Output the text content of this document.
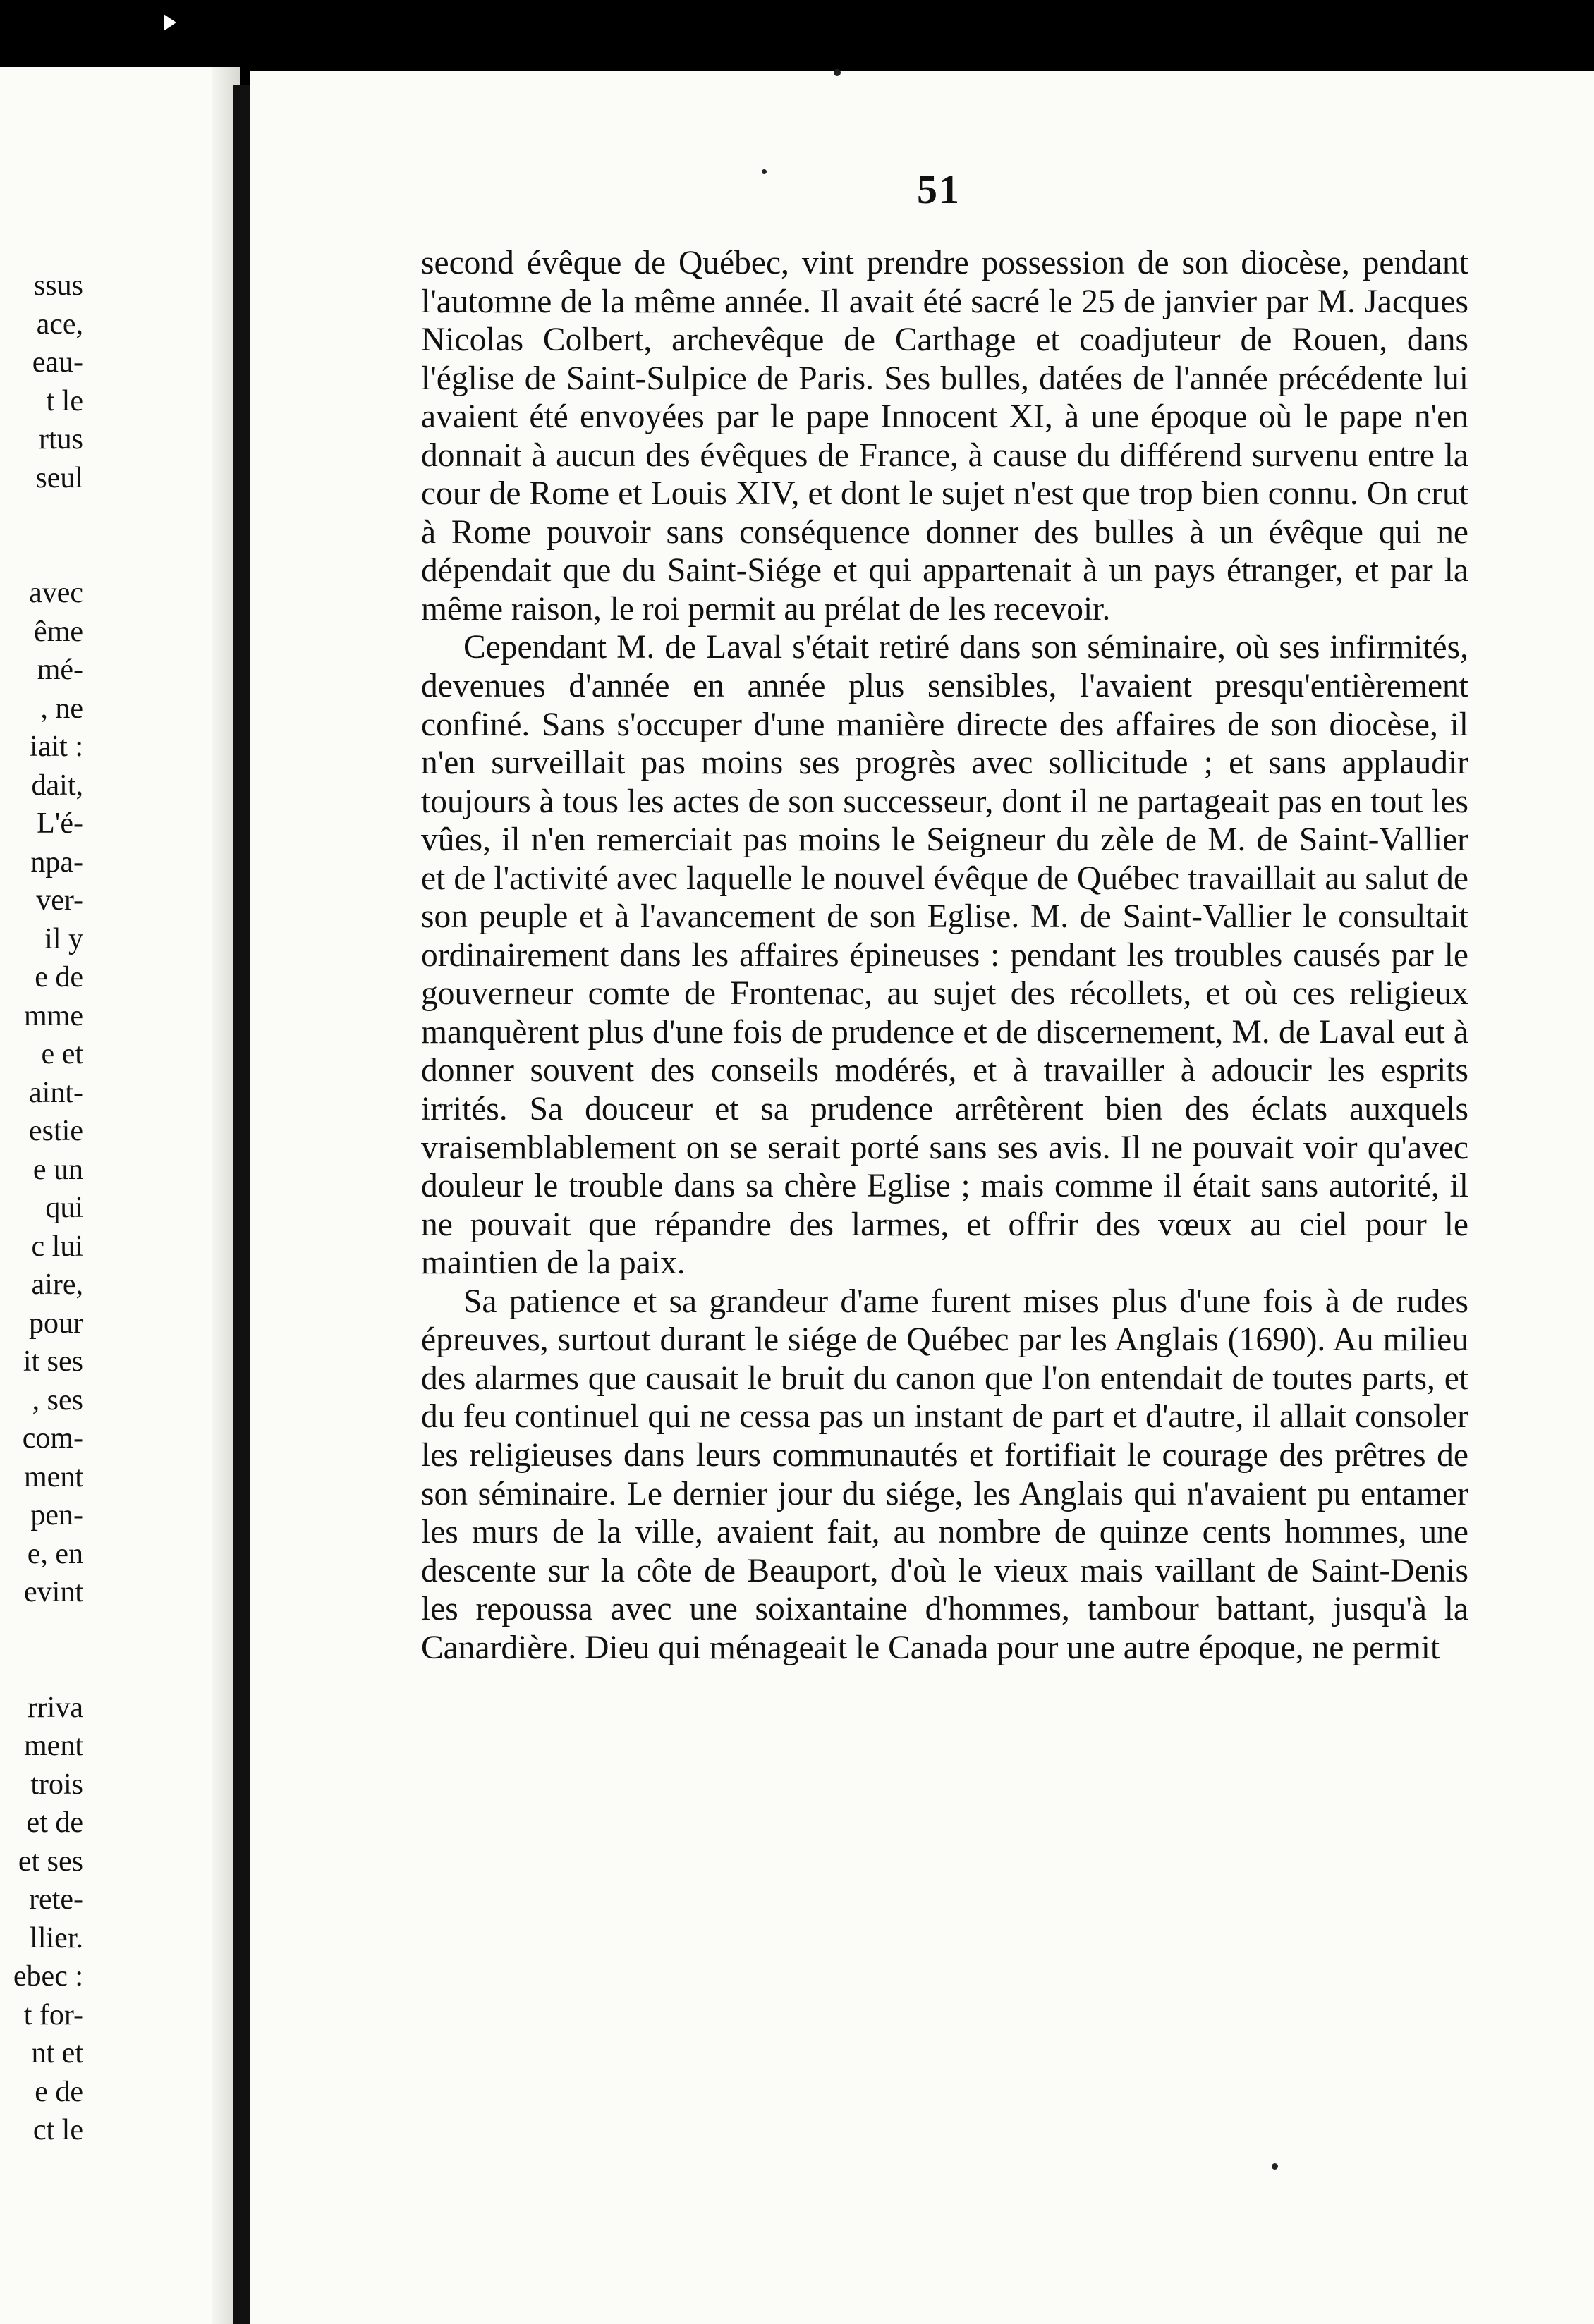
ssus
ace,
eau-
t le
rtus
seul
avec
ême
mé-
, ne
iait :
dait,
L'é-
npa-
ver-
il y
e de
mme
e et
aint-
estie
e un
qui
c lui
aire,
pour
it ses
, ses
com-
ment
pen-
e, en
evint
rriva
ment
trois
et de
et ses
rete-
llier.
ebec :
t for-
nt et
e de
ct le
51

second évêque de Québec, vint prendre possession de son diocèse, pendant l'automne de la même année. Il avait été sacré le 25 de janvier par M. Jacques Nicolas Colbert, archevêque de Carthage et coadjuteur de Rouen, dans l'église de Saint-Sulpice de Paris. Ses bulles, datées de l'année précédente lui avaient été envoyées par le pape Innocent XI, à une époque où le pape n'en donnait à aucun des évêques de France, à cause du différend survenu entre la cour de Rome et Louis XIV, et dont le sujet n'est que trop bien connu. On crut à Rome pouvoir sans conséquence donner des bulles à un évêque qui ne dépendait que du Saint-Siége et qui appartenait à un pays étranger, et par la même raison, le roi permit au prélat de les recevoir.

Cependant M. de Laval s'était retiré dans son séminaire, où ses infirmités, devenues d'année en année plus sensibles, l'avaient presqu'entièrement confiné. Sans s'occuper d'une manière directe des affaires de son diocèse, il n'en surveillait pas moins ses progrès avec sollicitude ; et sans applaudir toujours à tous les actes de son successeur, dont il ne partageait pas en tout les vûes, il n'en remerciait pas moins le Seigneur du zèle de M. de Saint-Vallier et de l'activité avec laquelle le nouvel évêque de Québec travaillait au salut de son peuple et à l'avancement de son Eglise. M. de Saint-Vallier le consultait ordinairement dans les affaires épineuses : pendant les troubles causés par le gouverneur comte de Frontenac, au sujet des récollets, et où ces religieux manquèrent plus d'une fois de prudence et de discernement, M. de Laval eut à donner souvent des conseils modérés, et à travailler à adoucir les esprits irrités. Sa douceur et sa prudence arrêtèrent bien des éclats auxquels vraisemblablement on se serait porté sans ses avis. Il ne pouvait voir qu'avec douleur le trouble dans sa chère Eglise ; mais comme il était sans autorité, il ne pouvait que répandre des larmes, et offrir des vœux au ciel pour le maintien de la paix.

Sa patience et sa grandeur d'ame furent mises plus d'une fois à de rudes épreuves, surtout durant le siége de Québec par les Anglais (1690). Au milieu des alarmes que causait le bruit du canon que l'on entendait de toutes parts, et du feu continuel qui ne cessa pas un instant de part et d'autre, il allait consoler les religieuses dans leurs communautés et fortifiait le courage des prêtres de son séminaire. Le dernier jour du siége, les Anglais qui n'avaient pu entamer les murs de la ville, avaient fait, au nombre de quinze cents hommes, une descente sur la côte de Beauport, d'où le vieux mais vaillant de Saint-Denis les repoussa avec une soixantaine d'hommes, tambour battant, jusqu'à la Canardière. Dieu qui ménageait le Canada pour une autre époque, ne permit
